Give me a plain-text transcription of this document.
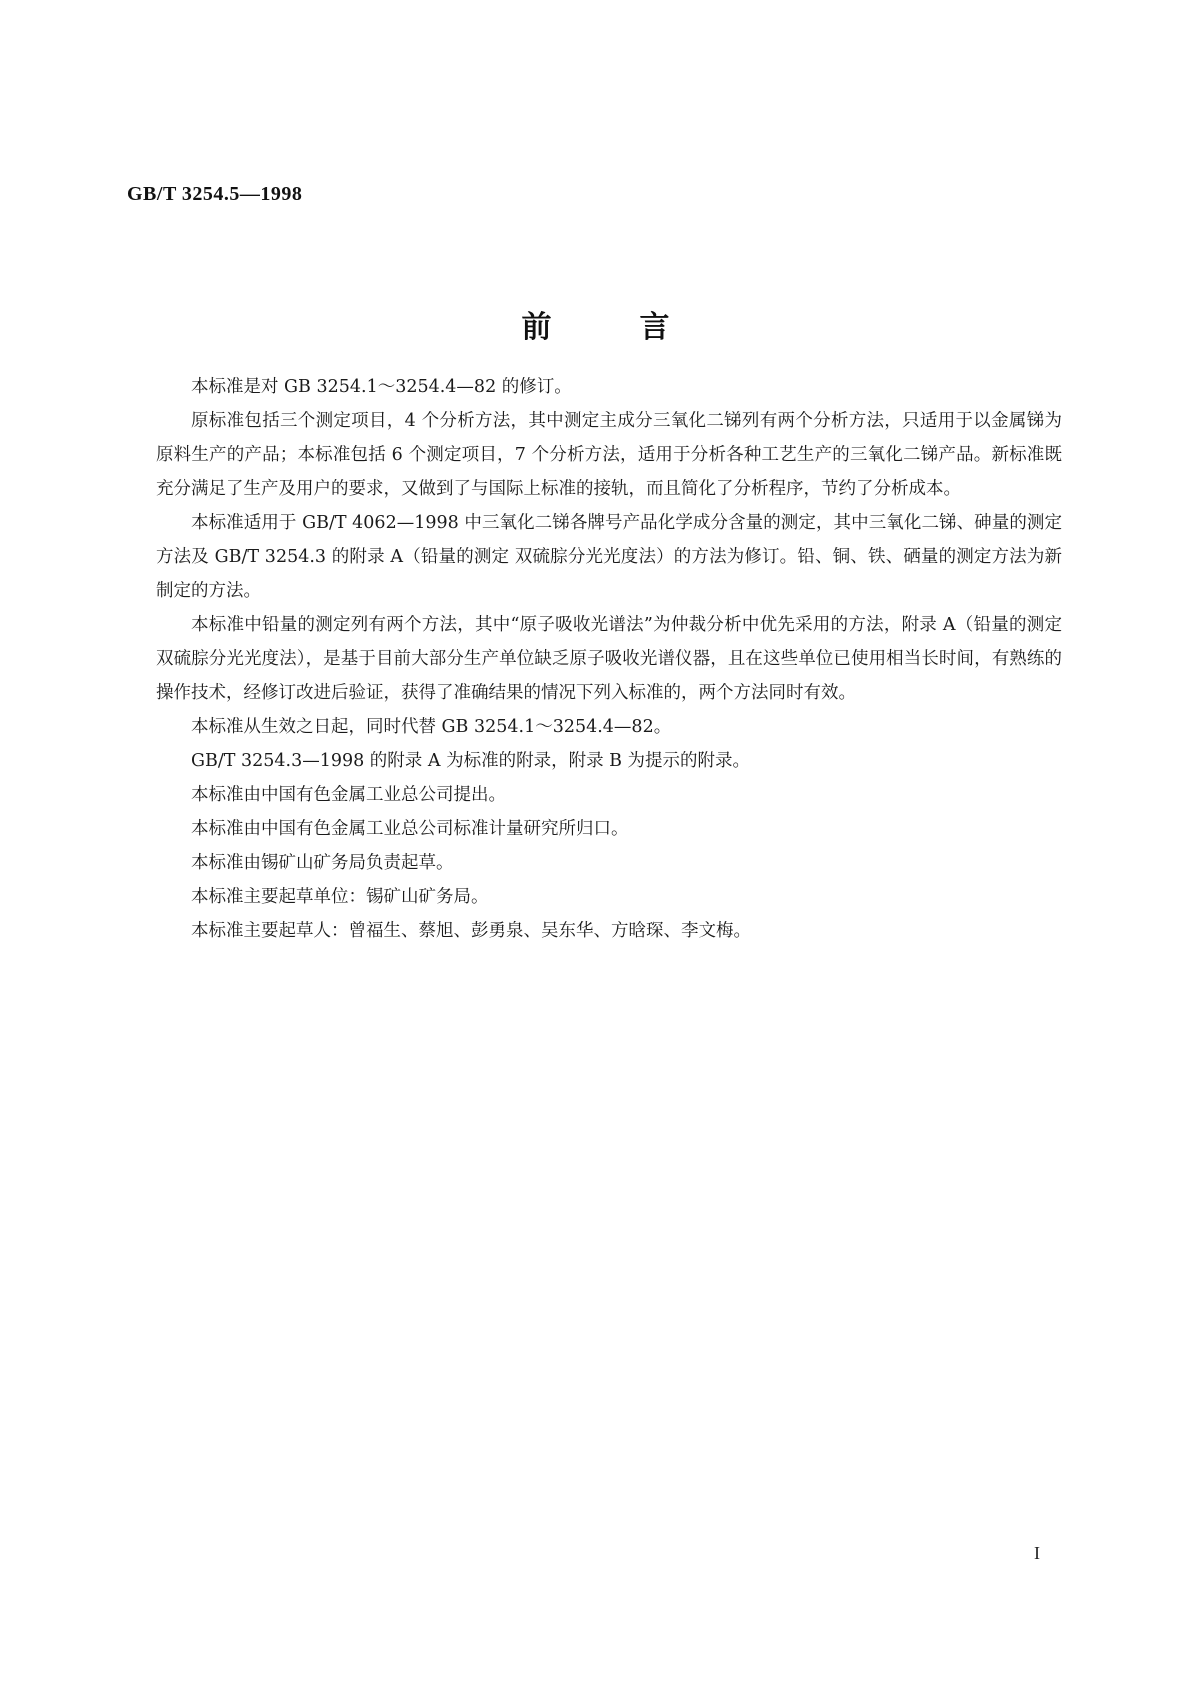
GB/T 3254.5—1998
前言

本标准是对 GB 3254.1～3254.4—82 的修订。

原标准包括三个测定项目，4 个分析方法，其中测定主成分三氧化二锑列有两个分析方法，只适用于以金属锑为原料生产的产品；本标准包括 6 个测定项目，7 个分析方法，适用于分析各种工艺生产的三氧化二锑产品。新标准既充分满足了生产及用户的要求，又做到了与国际上标准的接轨，而且简化了分析程序，节约了分析成本。

本标准适用于 GB/T 4062—1998 中三氧化二锑各牌号产品化学成分含量的测定，其中三氧化二锑、砷量的测定方法及 GB/T 3254.3 的附录 A（铅量的测定 双硫腙分光光度法）的方法为修订。铅、铜、铁、硒量的测定方法为新制定的方法。

本标准中铅量的测定列有两个方法，其中“原子吸收光谱法”为仲裁分析中优先采用的方法，附录 A（铅量的测定 双硫腙分光光度法），是基于目前大部分生产单位缺乏原子吸收光谱仪器，且在这些单位已使用相当长时间，有熟练的操作技术，经修订改进后验证，获得了准确结果的情况下列入标准的，两个方法同时有效。

本标准从生效之日起，同时代替 GB 3254.1～3254.4—82。

GB/T 3254.3—1998 的附录 A 为标准的附录，附录 B 为提示的附录。

本标准由中国有色金属工业总公司提出。

本标准由中国有色金属工业总公司标准计量研究所归口。

本标准由锡矿山矿务局负责起草。

本标准主要起草单位：锡矿山矿务局。

本标准主要起草人：曾福生、蔡旭、彭勇泉、吴东华、方晗琛、李文梅。

I
